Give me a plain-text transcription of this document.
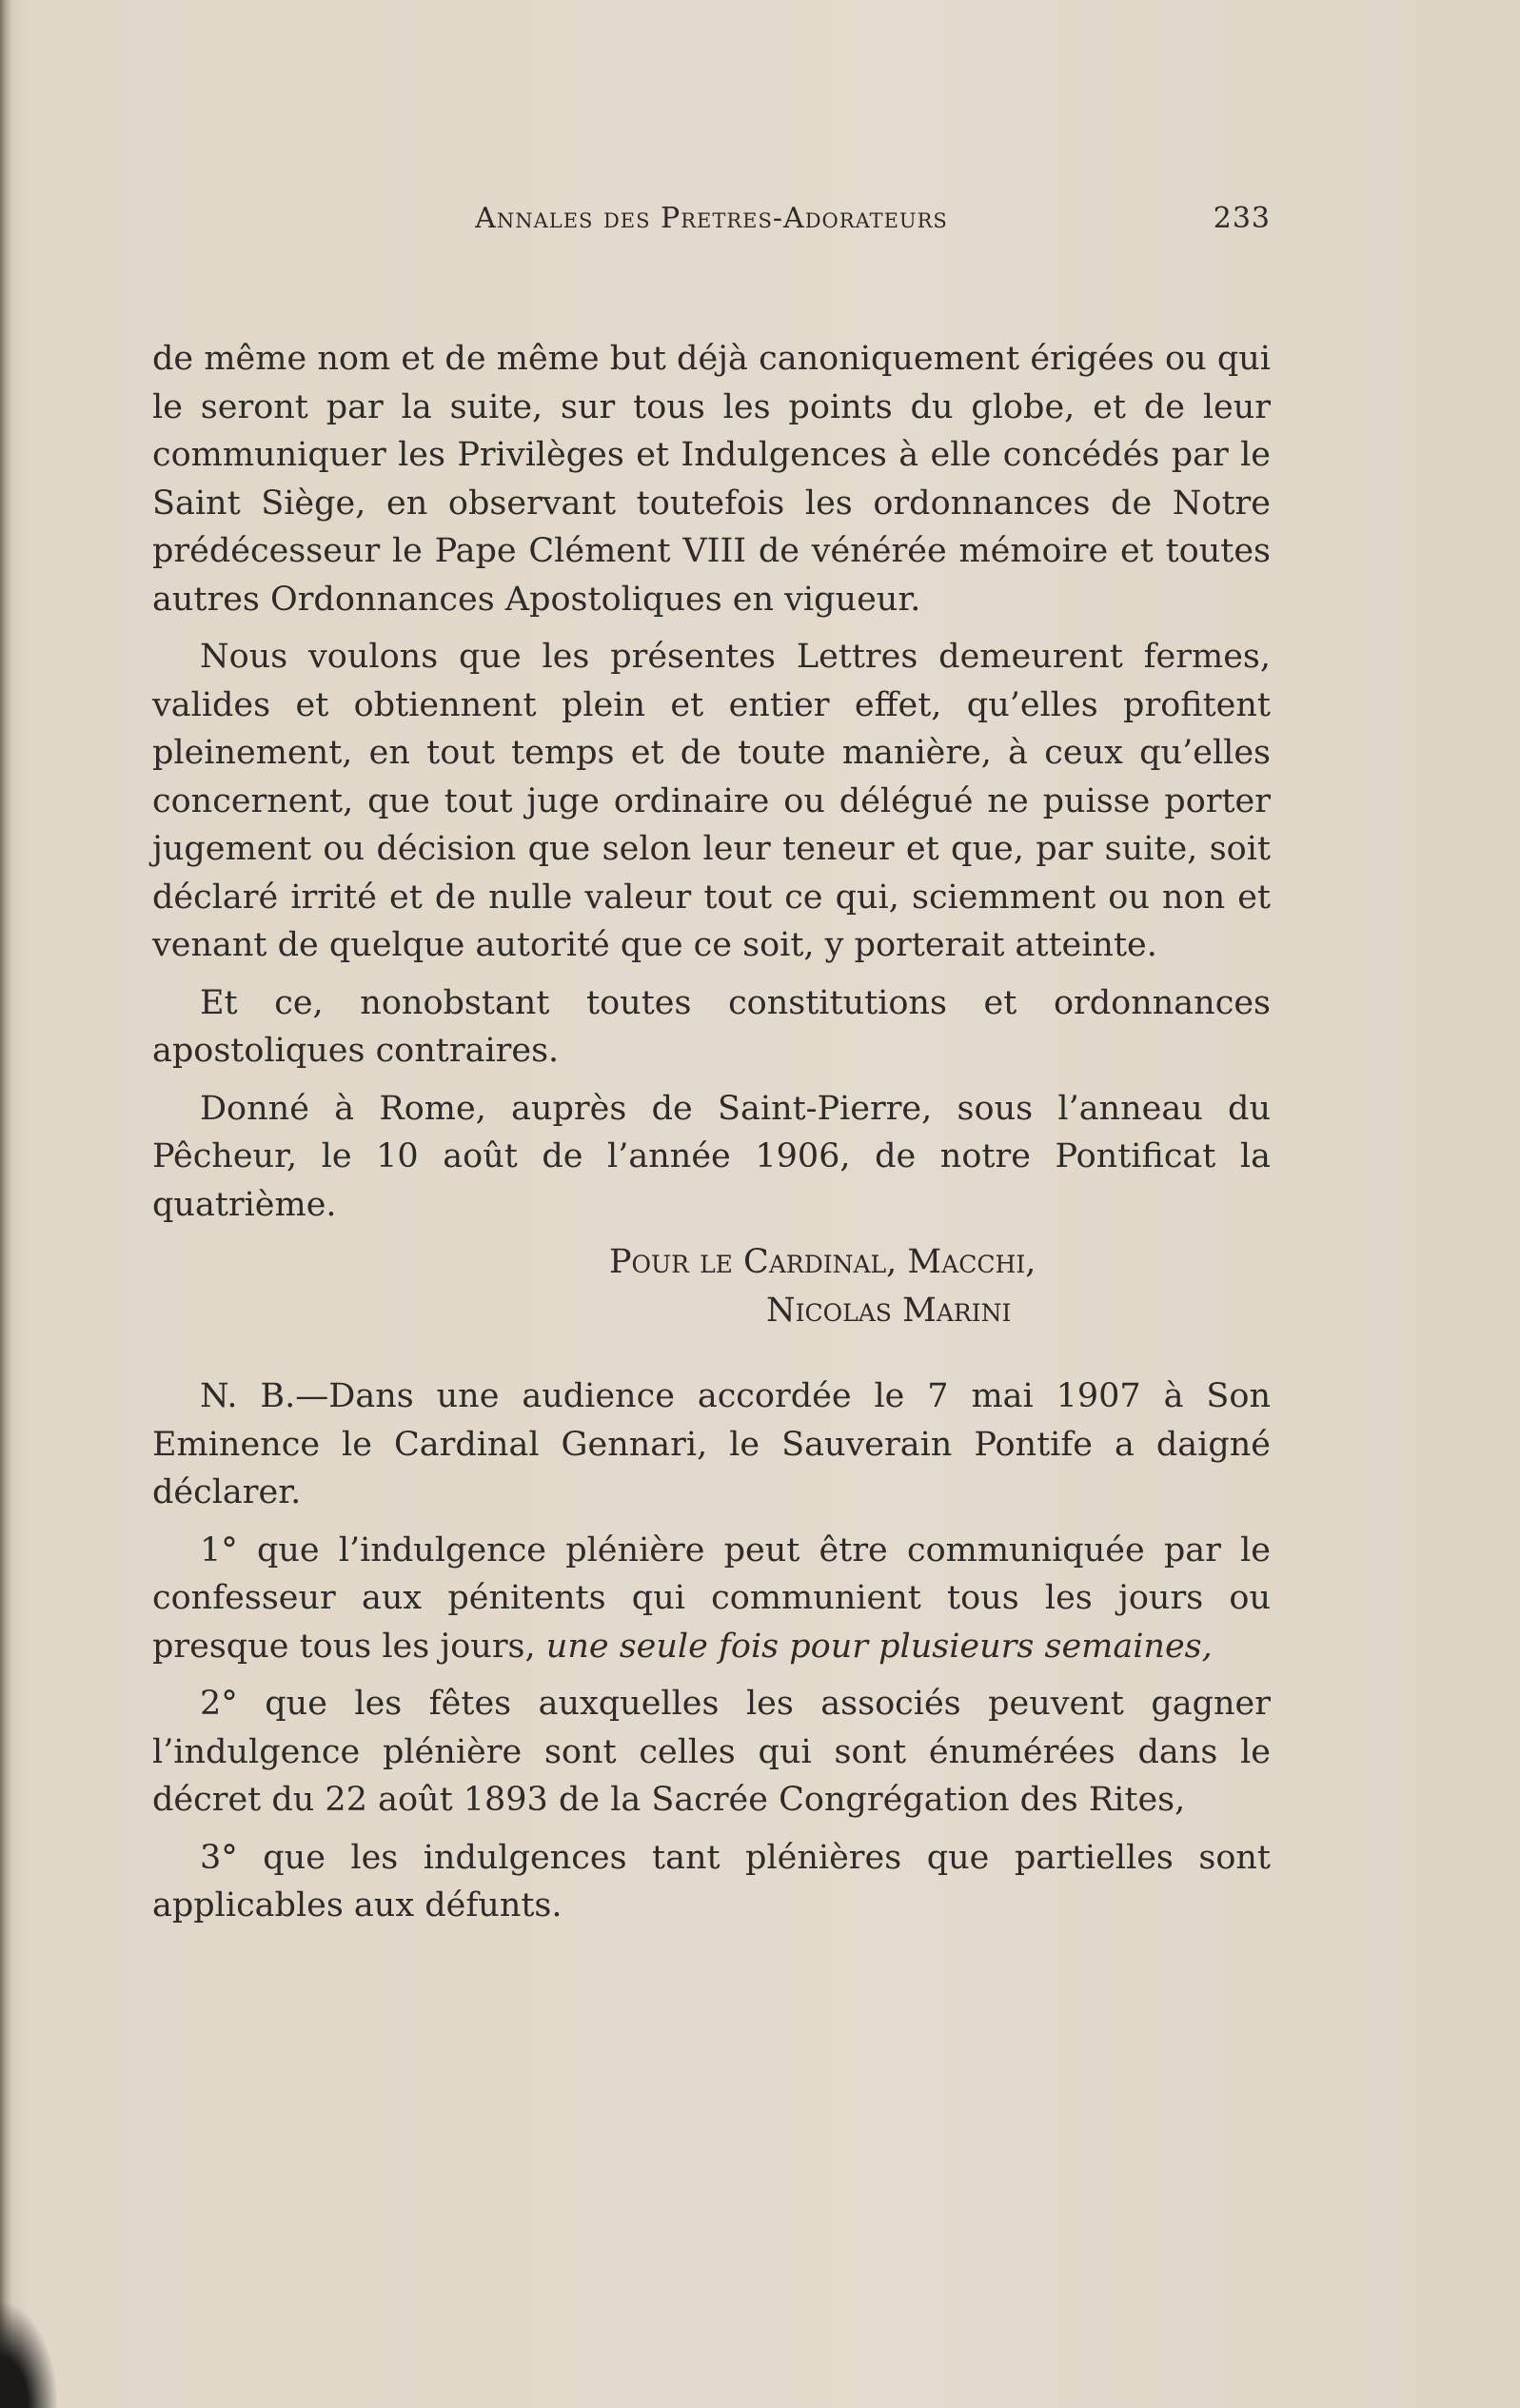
Annales des Pretres-Adorateurs	233

de même nom et de même but déjà canoniquement érigées ou qui le seront par la suite, sur tous les points du globe, et de leur communiquer les Privilèges et Indulgences à elle concédés par le Saint Siège, en observant toutefois les ordonnances de Notre prédécesseur le Pape Clément VIII de vénérée mémoire et toutes autres Ordonnances Apostoliques en vigueur.

Nous voulons que les présentes Lettres demeurent fermes, valides et obtiennent plein et entier effet, qu’elles profitent pleinement, en tout temps et de toute manière, à ceux qu’elles concernent, que tout juge ordinaire ou délégué ne puisse porter jugement ou décision que selon leur teneur et que, par suite, soit déclaré irrité et de nulle valeur tout ce qui, sciemment ou non et venant de quelque autorité que ce soit, y porterait atteinte.

Et ce, nonobstant toutes constitutions et ordonnances apostoliques contraires.

Donné à Rome, auprès de Saint-Pierre, sous l’anneau du Pêcheur, le 10 août de l’année 1906, de notre Pontificat la quatrième.

Pour le Cardinal, Macchi,
Nicolas Marini

N. B.—Dans une audience accordée le 7 mai 1907 à Son Eminence le Cardinal Gennari, le Sauverain Pontife a daigné déclarer.

1° que l’indulgence plénière peut être communiquée par le confesseur aux pénitents qui communient tous les jours ou presque tous les jours, une seule fois pour plusieurs semaines,

2° que les fêtes auxquelles les associés peuvent gagner l’indulgence plénière sont celles qui sont énumérées dans le décret du 22 août 1893 de la Sacrée Congrégation des Rites,

3° que les indulgences tant plénières que partielles sont applicables aux défunts.
